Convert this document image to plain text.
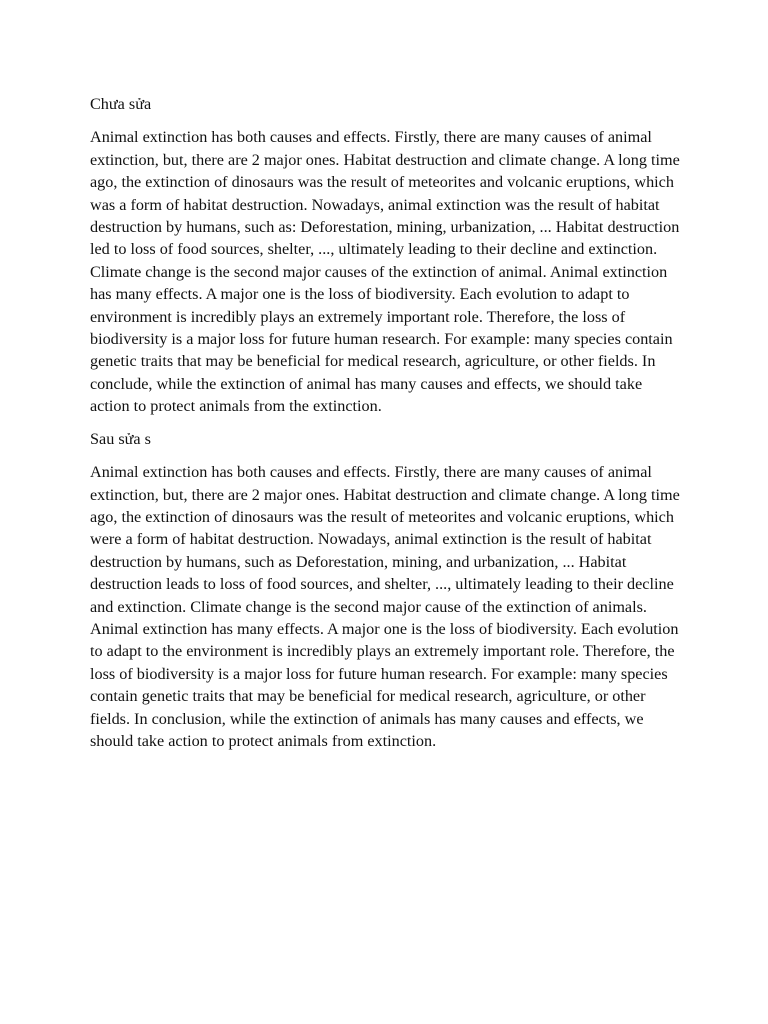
Chưa sửa

Animal extinction has both causes and effects. Firstly, there are many causes of animal extinction, but, there are 2 major ones. Habitat destruction and climate change. A long time ago, the extinction of dinosaurs was the result of meteorites and volcanic eruptions, which was a form of habitat destruction. Nowadays, animal extinction was the result of habitat destruction by humans, such as: Deforestation, mining, urbanization, ... Habitat destruction led to loss of food sources, shelter, ..., ultimately leading to their decline and extinction. Climate change is the second major causes of the extinction of animal. Animal extinction has many effects. A major one is the loss of biodiversity. Each evolution to adapt to environment is incredibly plays an extremely important role. Therefore, the loss of biodiversity is a major loss for future human research. For example: many species contain genetic traits that may be beneficial for medical research, agriculture, or other fields. In conclude, while the extinction of animal has many causes and effects, we should take action to protect animals from the extinction.

Sau sửa s

Animal extinction has both causes and effects. Firstly, there are many causes of animal extinction, but, there are 2 major ones. Habitat destruction and climate change. A long time ago, the extinction of dinosaurs was the result of meteorites and volcanic eruptions, which were a form of habitat destruction. Nowadays, animal extinction is the result of habitat destruction by humans, such as Deforestation, mining, and urbanization, ... Habitat destruction leads to loss of food sources, and shelter, ..., ultimately leading to their decline and extinction. Climate change is the second major cause of the extinction of animals. Animal extinction has many effects. A major one is the loss of biodiversity. Each evolution to adapt to the environment is incredibly plays an extremely important role. Therefore, the loss of biodiversity is a major loss for future human research. For example: many species contain genetic traits that may be beneficial for medical research, agriculture, or other fields. In conclusion, while the extinction of animals has many causes and effects, we should take action to protect animals from extinction.
